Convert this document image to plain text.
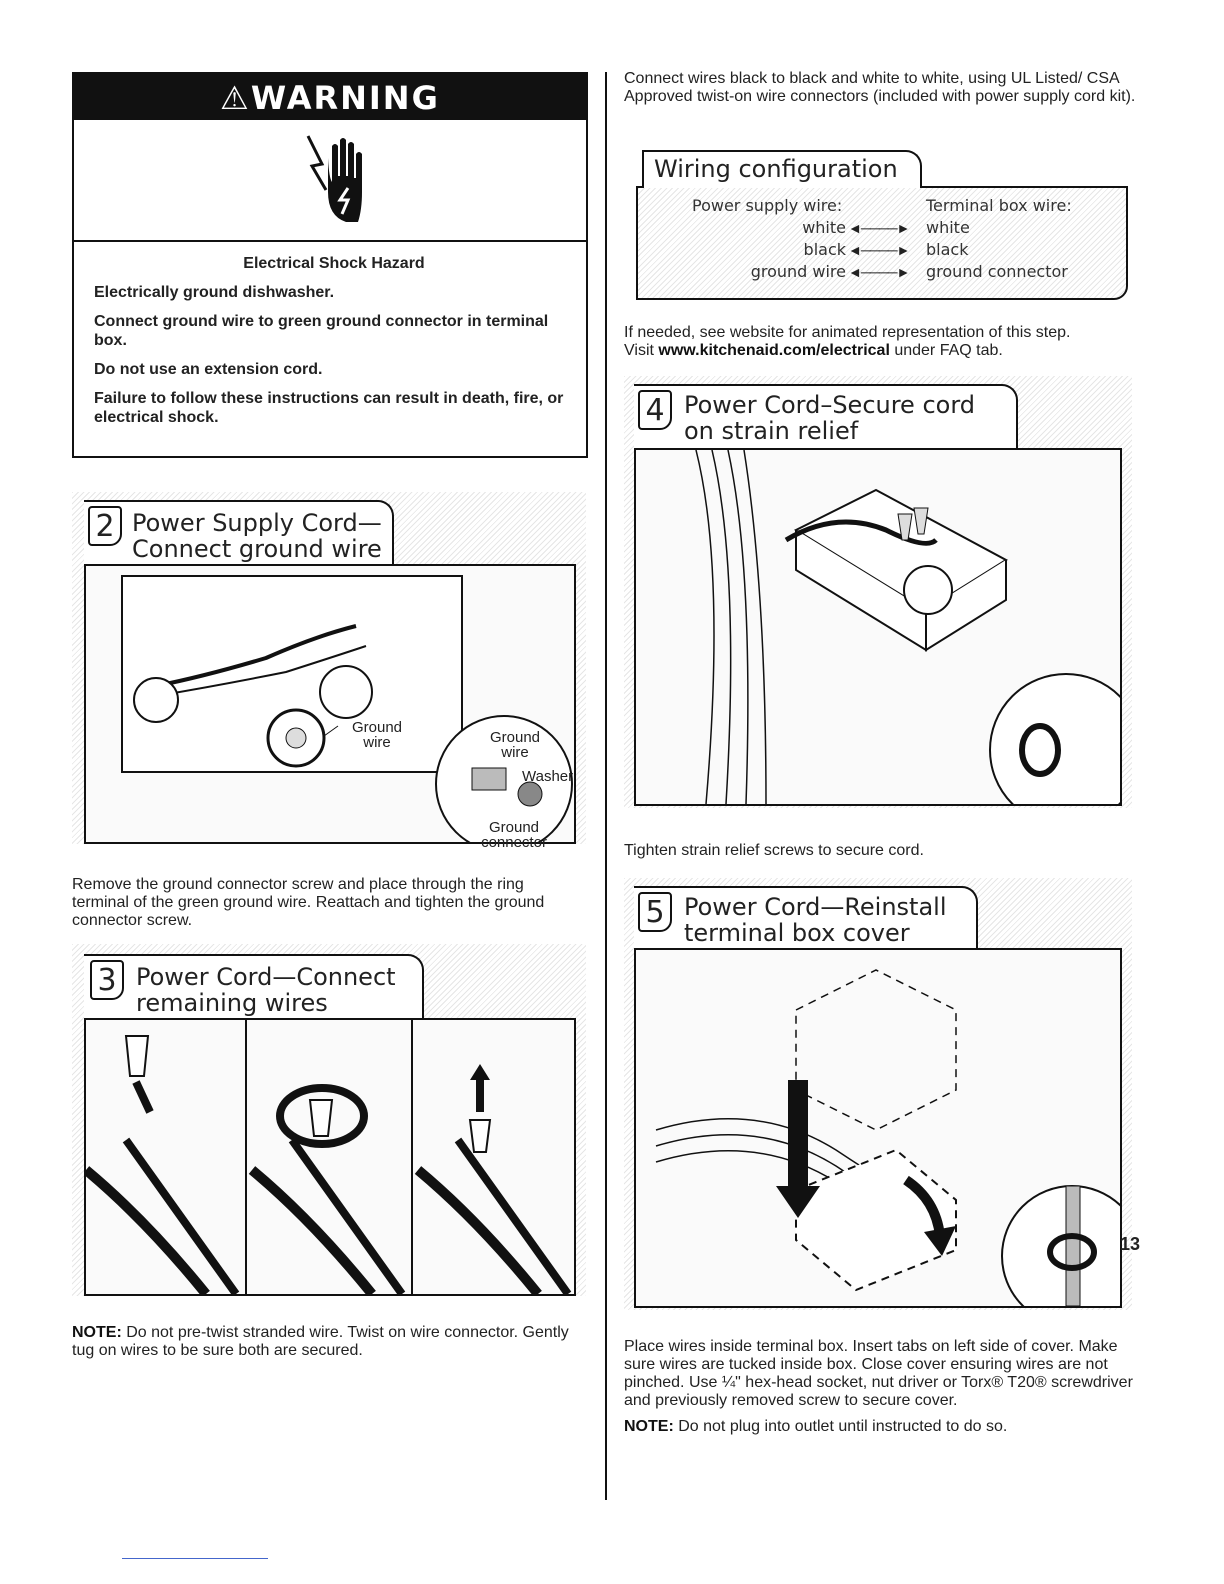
⚠WARNING

Electrical Shock Hazard

Electrically ground dishwasher.

Connect ground wire to green ground connector in terminal box.

Do not use an extension cord.

Failure to follow these instructions can result in death, fire, or electrical shock.

2 Power Supply Cord—
Connect ground wire
Ground wire	Ground wire
Washer
Ground connector

Remove the ground connector screw and place through the ring terminal of the green ground wire. Reattach and tighten the ground connector screw.

3 Power Cord—Connect
remaining wires

NOTE: Do not pre-twist stranded wire. Twist on wire connector. Gently tug on wires to be sure both are secured.

Connect wires black to black and white to white, using UL Listed/ CSA Approved twist-on wire connectors (included with power supply cord kit).

Wiring configuration
Power supply wire:	Terminal box wire:
white ◄────► white
black ◄────► black
ground wire ◄────► ground connector

If needed, see website for animated representation of this step.

Visit www.kitchenaid.com/electrical under FAQ tab.

4 Power Cord–Secure cord
on strain relief

Tighten strain relief screws to secure cord.

5 Power Cord—Reinstall
terminal box cover

Place wires inside terminal box. Insert tabs on left side of cover. Make sure wires are tucked inside box. Close cover ensuring wires are not pinched. Use ¼" hex-head socket, nut driver or Torx® T20® screwdriver and previously removed screw to secure cover.

NOTE: Do not plug into outlet until instructed to do so.

13
